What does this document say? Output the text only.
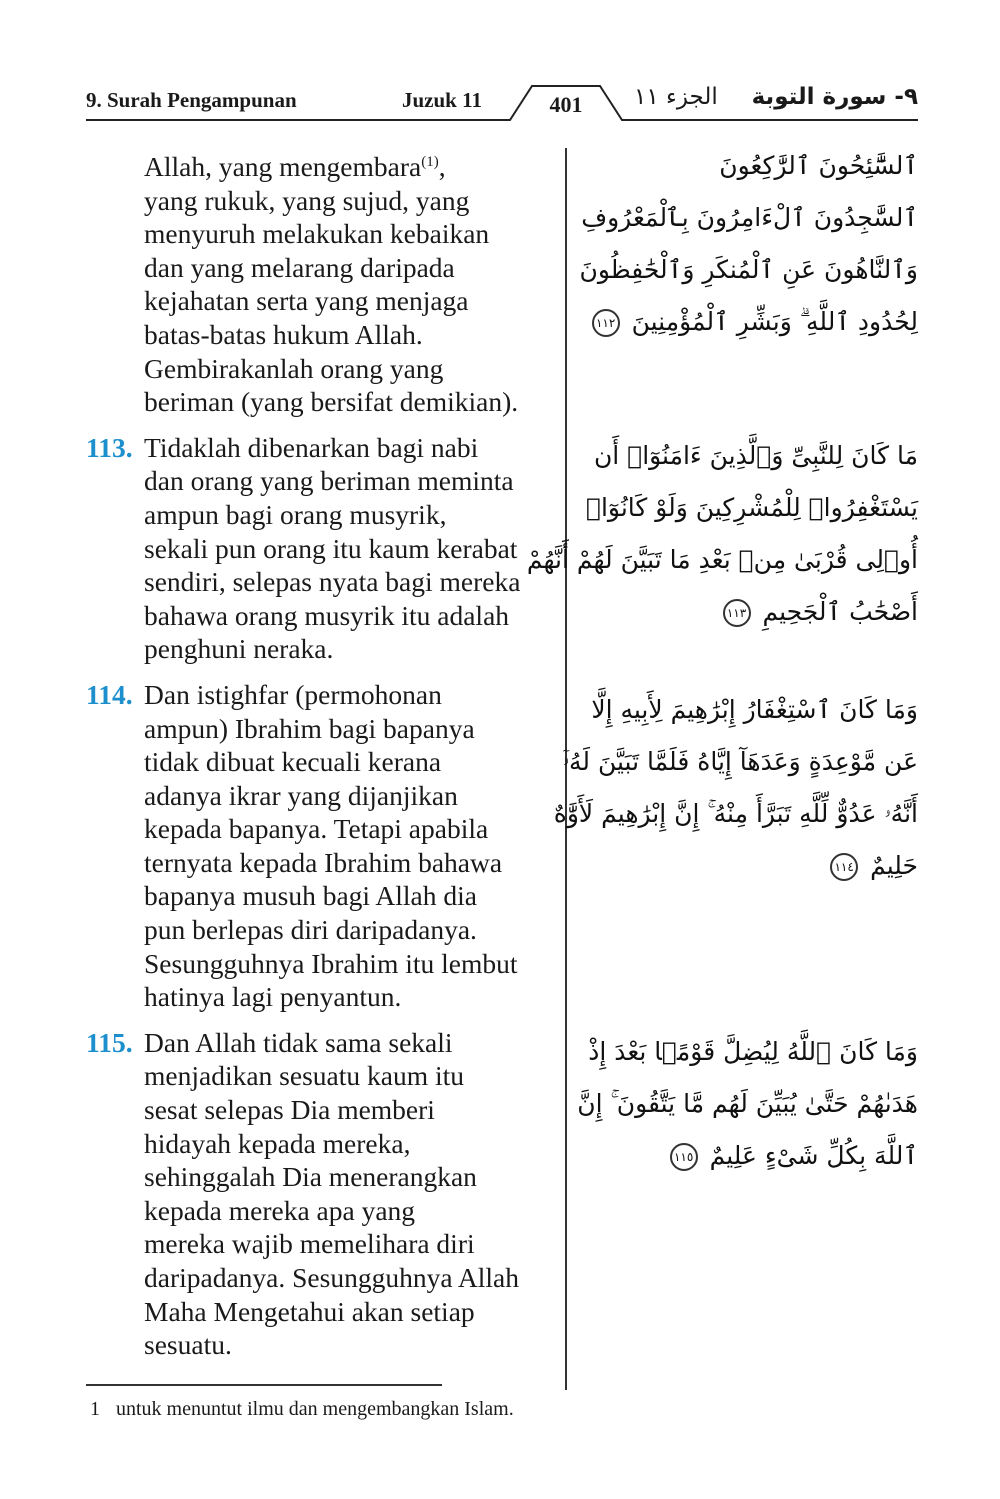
9. Surah Pengampunan	Juzuk 11	401	الجزء ١١ ٩- سورة التوبة
Allah, yang mengembara$^{(1)}$,
yang rukuk, yang sujud, yang
menyuruh melakukan kebaikan
dan yang melarang daripada
kejahatan serta yang menjaga
batas-batas hukum Allah.
Gembirakanlah orang yang
beriman (yang bersifat demikian).
113. Tidaklah dibenarkan bagi nabi
dan orang yang beriman meminta
ampun bagi orang musyrik,
sekali pun orang itu kaum kerabat
sendiri, selepas nyata bagi mereka
bahawa orang musyrik itu adalah
penghuni neraka.
114. Dan istighfar (permohonan
ampun) Ibrahim bagi bapanya
tidak dibuat kecuali kerana
adanya ikrar yang dijanjikan
kepada bapanya. Tetapi apabila
ternyata kepada Ibrahim bahawa
bapanya musuh bagi Allah dia
pun berlepas diri daripadanya.
Sesungguhnya Ibrahim itu lembut
hatinya lagi penyantun.
115. Dan Allah tidak sama sekali
menjadikan sesuatu kaum itu
sesat selepas Dia memberi
hidayah kepada mereka,
sehinggalah Dia menerangkan
kepada mereka apa yang
mereka wajib memelihara diri
daripadanya. Sesungguhnya Allah
Maha Mengetahui akan setiap
sesuatu.
ٱلسَّٰٓئِحُونَ ٱلرَّٰكِعُونَ
ٱلسَّٰجِدُونَ ٱلْءَامِرُونَ بِٱلْمَعْرُوفِ
وَٱلنَّاهُونَ عَنِ ٱلْمُنكَرِ وَٱلْحَٰفِظُونَ
لِحُدُودِ ٱللَّهِ ۗ وَبَشِّرِ ٱلْمُؤْمِنِينَ ١١٢
مَا كَانَ لِلنَّبِىِّ وَٱلَّذِينَ ءَامَنُوٓا۟ أَن
يَسْتَغْفِرُوا۟ لِلْمُشْرِكِينَ وَلَوْ كَانُوٓا۟
أُو۟لِى قُرْبَىٰ مِنۢ بَعْدِ مَا تَبَيَّنَ لَهُمْ أَنَّهُمْ
أَصْحَٰبُ ٱلْجَحِيمِ ١١٣
وَمَا كَانَ ٱسْتِغْفَارُ إِبْرَٰهِيمَ لِأَبِيهِ إِلَّا
عَن مَّوْعِدَةٍ وَعَدَهَآ إِيَّاهُ فَلَمَّا تَبَيَّنَ لَهُۥٓ
أَنَّهُۥ عَدُوٌّ لِّلَّهِ تَبَرَّأَ مِنْهُ ۚ إِنَّ إِبْرَٰهِيمَ لَأَوَّٰهٌ
حَلِيمٌ ١١٤
وَمَا كَانَ ٱللَّهُ لِيُضِلَّ قَوْمًۢا بَعْدَ إِذْ
هَدَىٰهُمْ حَتَّىٰ يُبَيِّنَ لَهُم مَّا يَتَّقُونَ ۚ إِنَّ
ٱللَّهَ بِكُلِّ شَىْءٍ عَلِيمٌ ١١٥
1 untuk menuntut ilmu dan mengembangkan Islam.
